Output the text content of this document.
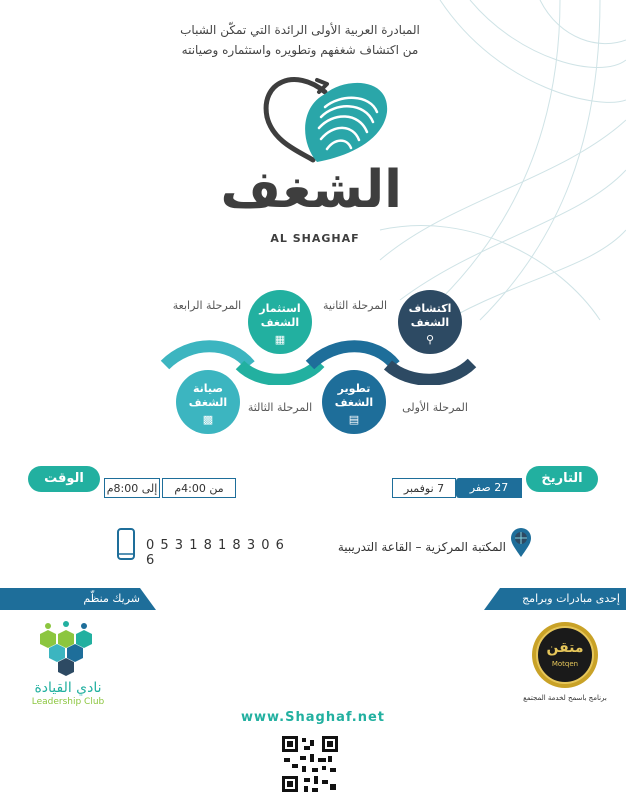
المبادرة العربية الأولى الرائدة التي تمكّن الشباب
من اكتشاف شغفهم وتطويره واستثماره وصيانته
الشغف
AL SHAGHAF
اكتشاف الشغف
⚲
المرحلة الأولى
تطوير الشغف
▤
المرحلة الثانية
استثمار الشغف
▦
المرحلة الثالثة
صيانة الشغف
▩
المرحلة الرابعة
التاريخ
27 صفر
7 نوفمبر
الوقت
إلى 8:00م	من 4:00م
المكتبة المركزية – القاعة التدريبية
0 5 3 1 8 1 8 3 0 6 6
شريك منظّم	إحدى مبادرات وبرامج
نادي القيادة
Leadership Club
متقن
Motqen
برنامج باسمح لخدمة المجتمع
www.Shaghaf.net
